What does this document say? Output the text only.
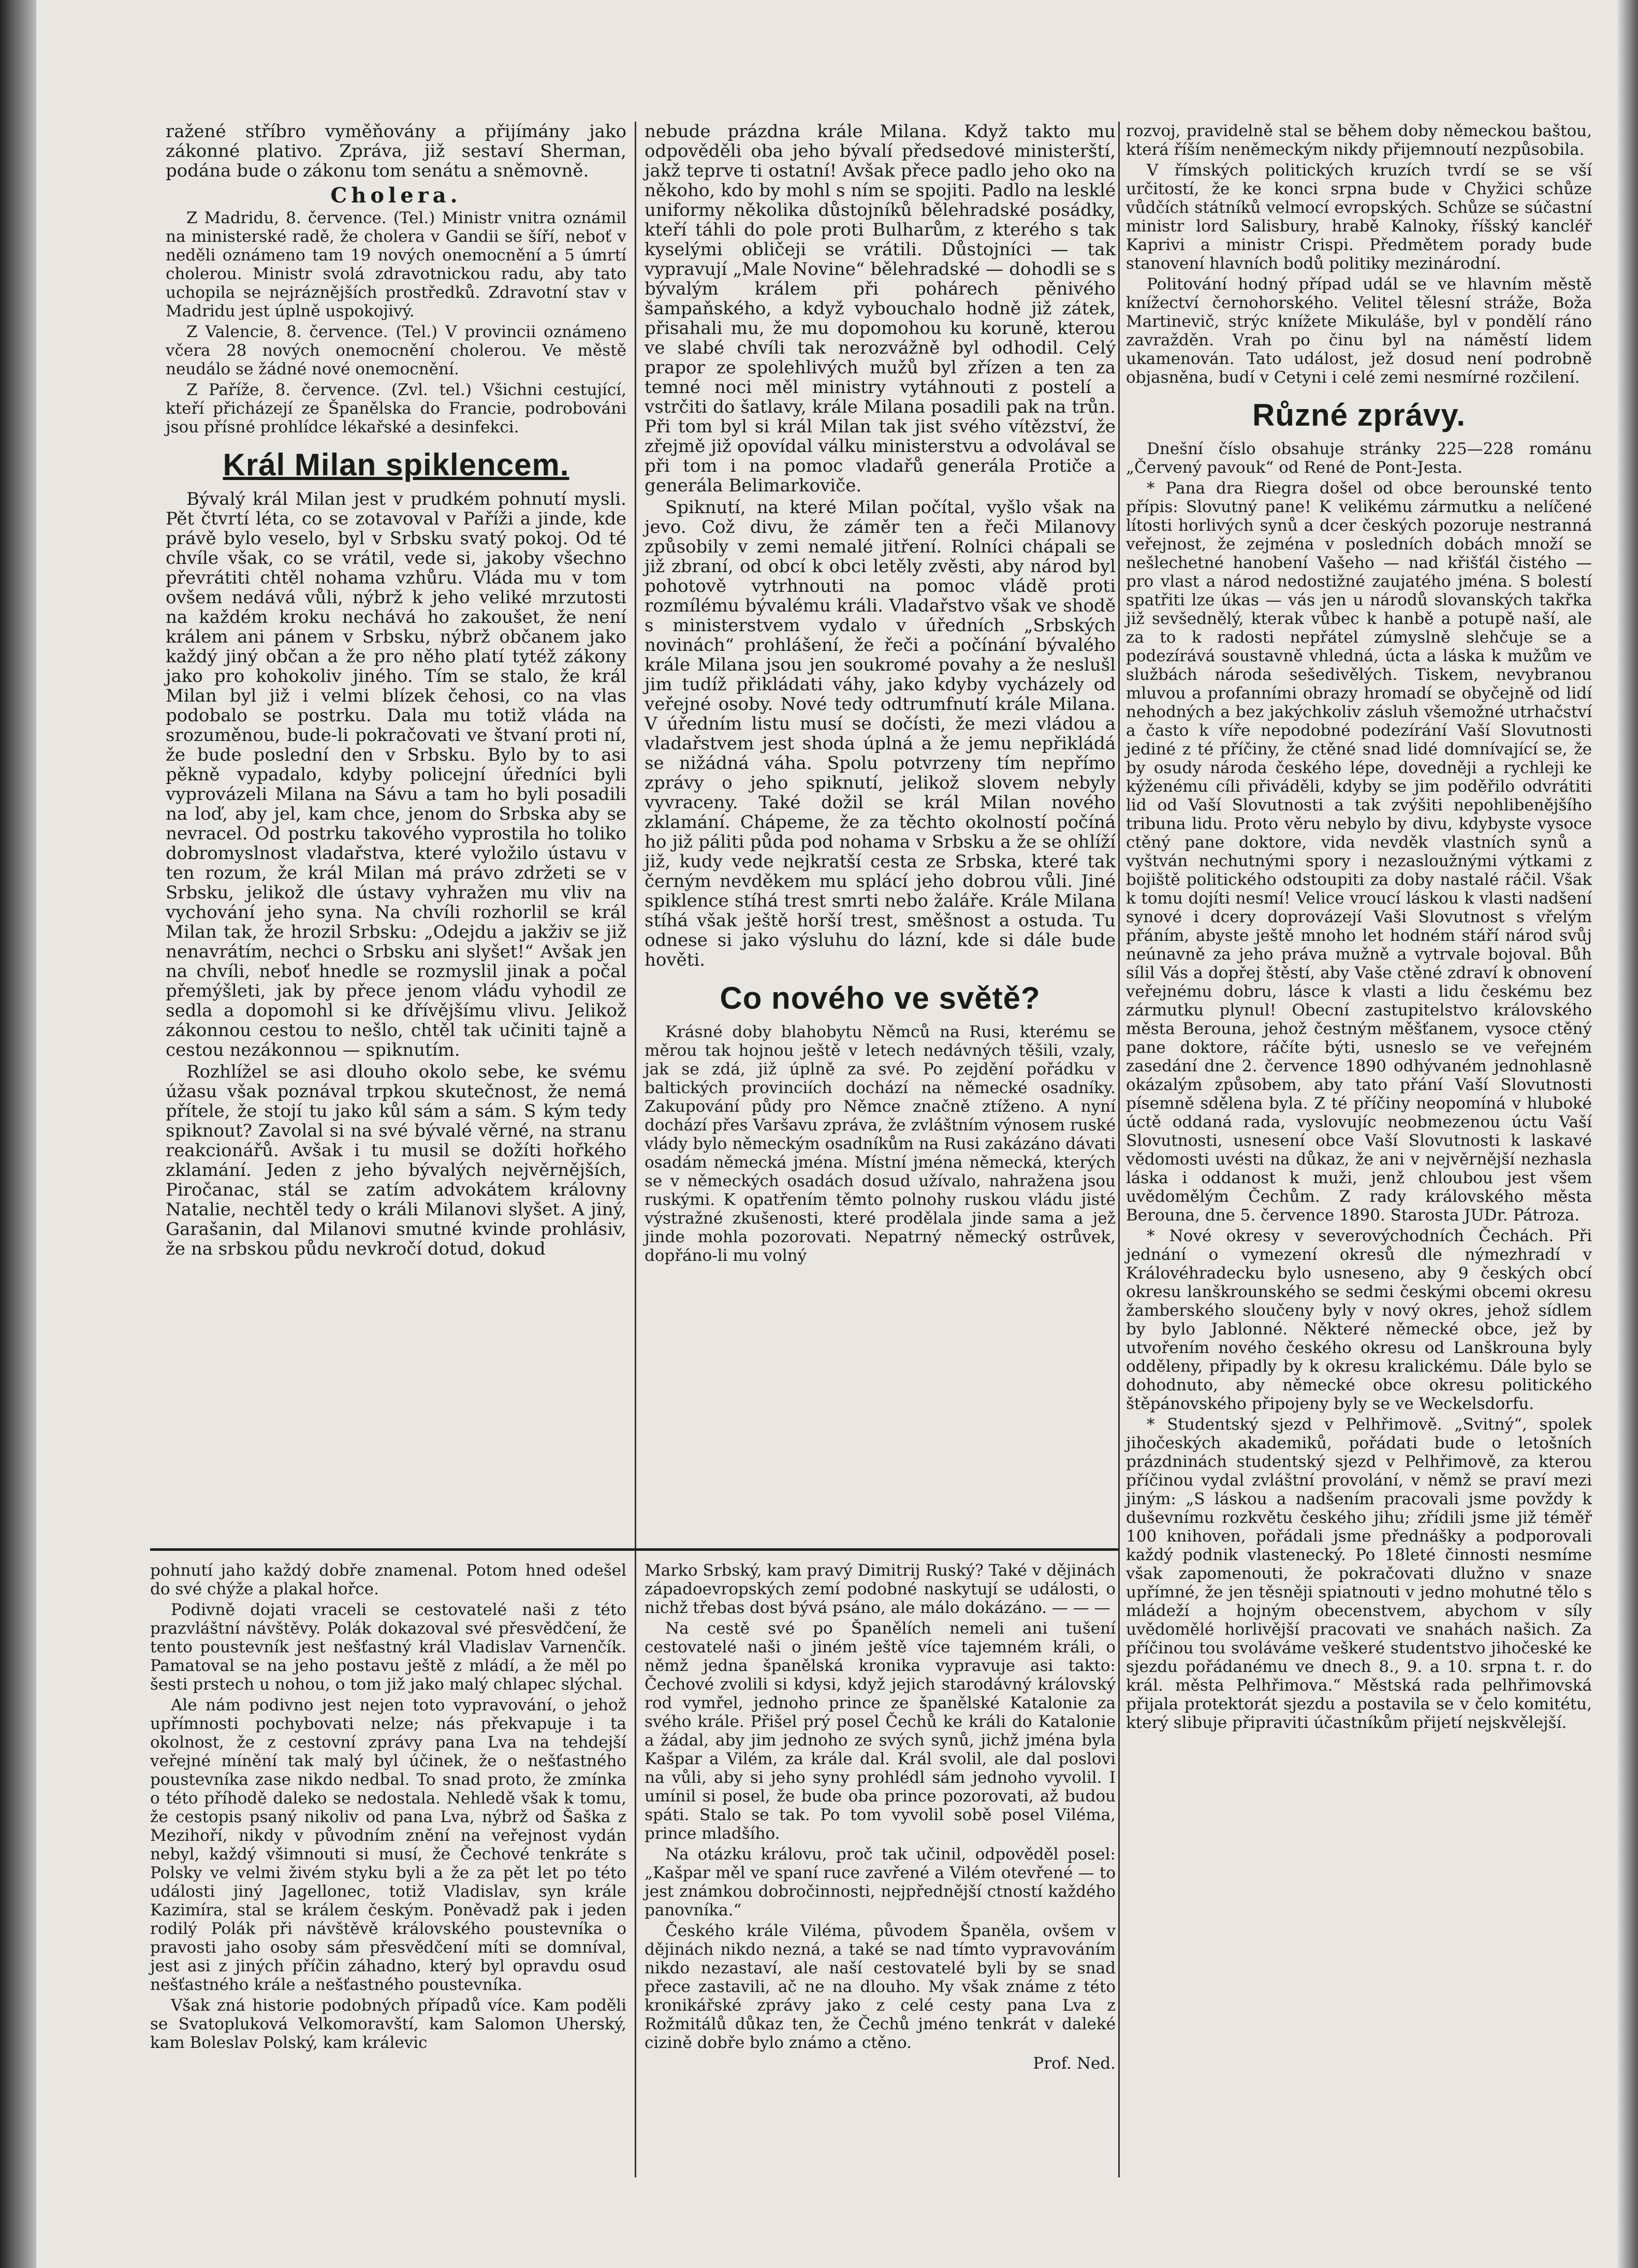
ražené stříbro vyměňovány a přijímány jako zákonné plativo. Zpráva, již sestaví Sherman, podána bude o zákonu tom senátu a sněmovně.

Cholera.

Z Madridu, 8. července. (Tel.) Ministr vnitra oznámil na ministerské radě, že cholera v Gandii se šíří, neboť v neděli oznámeno tam 19 nových onemocnění a 5 úmrtí cholerou. Ministr svolá zdravotnickou radu, aby tato uchopila se nejráznějších prostředků. Zdravotní stav v Madridu jest úplně uspokojivý.

Z Valencie, 8. července. (Tel.) V provincii oznámeno včera 28 nových onemocnění cholerou. Ve městě neudálo se žádné nové onemocnění.

Z Paříže, 8. července. (Zvl. tel.) Všichni cestující, kteří přicházejí ze Španělska do Francie, podrobováni jsou přísné prohlídce lékařské a desinfekci.

Král Milan spiklencem.

Bývalý král Milan jest v prudkém pohnutí mysli. Pět čtvrtí léta, co se zotavoval v Paříži a jinde, kde právě bylo veselo, byl v Srbsku svatý pokoj. Od té chvíle však, co se vrátil, vede si, jakoby všechno převrátiti chtěl nohama vzhůru. Vláda mu v tom ovšem nedává vůli, nýbrž k jeho veliké mrzutosti na každém kroku nechává ho zakoušet, že není králem ani pánem v Srbsku, nýbrž občanem jako každý jiný občan a že pro něho platí tytéž zákony jako pro kohokoliv jiného. Tím se stalo, že král Milan byl již i velmi blízek čehosi, co na vlas podobalo se postrku. Dala mu totiž vláda na srozuměnou, bude-li pokračovati ve štvaní proti ní, že bude poslední den v Srbsku. Bylo by to asi pěkně vypadalo, kdyby policejní úředníci byli vyprovázeli Milana na Sávu a tam ho byli posadili na loď, aby jel, kam chce, jenom do Srbska aby se nevracel. Od postrku takového vyprostila ho tolikо dobromyslnost vladařstva, které vyložilo ústavu v ten rozum, že král Milan má právo zdržeti se v Srbsku, jelikož dle ústavy vyhražen mu vliv na vychování jeho syna. Na chvíli rozhorlil se král Milan tak, že hrozil Srbsku: „Odejdu a jakživ se již nenavrátím, nechci o Srbsku ani slyšet!“ Avšak jen na chvíli, neboť hnedle se rozmyslil jinak a počal přemýšleti, jak by přece jenom vládu vyhodil ze sedla a dopomohl si ke dřívějšímu vlivu. Jelikož zákonnou cestou to nešlo, chtěl tak učiniti tajně a cestou nezákonnou — spiknutím.

Rozhlížel se asi dlouho okolo sebe, ke svému úžasu však poznával trpkou skutečnost, že nemá přítele, že stojí tu jako kůl sám a sám. S kým tedy spiknout? Zavolal si na své bývalé věrné, na stranu reakcionářů. Avšak i tu musil se dožíti hořkého zklamání. Jeden z jeho bývalých nejvěrnějších, Piročanac, stál se zatím advokátem královny Natalie, nechtěl tedy o králi Milanovi slyšet. A jiný, Garašanin, dal Milanovi smutné kvinde prohlásiv, že na srbskou půdu nevkročí dotud, dokud

nebude prázdna krále Milana. Když takto mu odpověděli oba jeho bývalí předsedové ministerští, jakž teprve ti ostatní! Avšak přece padlo jeho oko na někoho, kdo by mohl s ním se spojiti. Padlo na lesklé uniformy několika důstojníků bělehradské posádky, kteří táhli do pole proti Bulharům, z kterého s tak kyselými obličeji se vrátili. Důstojníci — tak vypravují „Male Novine“ bělehradské — dohodli se s bývalým králem při pohárech pěnivého šampaňského, a když vybouchalo hodně již zátek, přisahali mu, že mu dopomohou ku koruně, kterou ve slabé chvíli tak nerozvážně byl odhodil. Celý prapor ze spolehlivých mužů byl zřízen a ten za temné noci měl ministry vytáhnouti z postelí a vstrčiti do šatlavy, krále Milana posadili pak na trůn. Při tom byl si král Milan tak jist svého vítězství, že zřejmě již opovídal válku ministerstvu a odvolával se při tom i na pomoc vladařů generála Protiče a generála Belimarkoviče.

Spiknutí, na které Milan počítal, vyšlo však na jevo. Což divu, že záměr ten a řeči Milanovy způsobily v zemi nemalé jitření. Rolníci chápali se již zbraní, od obcí k obci letěly zvěsti, aby národ byl pohotově vytrhnouti na pomoc vládě proti rozmílému bývalému králi. Vladařstvo však ve shodě s ministerstvem vydalo v úředních „Srbských novinách“ prohlášení, že řeči a počínání bývalého krále Milana jsou jen soukromé povahy a že neslušl jim tudíž přikládati váhy, jako kdyby vycházely od veřejné osoby. Nové tedy odtrumfnutí krále Milana. V úředním listu musí se dočísti, že mezi vládou a vladařstvem jest shoda úplná a že jemu nepřikládá se nižádná váha. Spolu potvrzeny tím nepřímo zprávy o jeho spiknutí, jelikož slovem nebyly vyvraceny. Také dožil se král Milan nového zklamání. Chápeme, že za těchto okolností počíná ho již páliti půda pod nohama v Srbsku a že se ohlíží již, kudy vede nejkratší cesta ze Srbska, které tak černým nevděkem mu splácí jeho dobrou vůli. Jiné spiklence stíhá trest smrti nebo žaláře. Krále Milana stíhá však ještě horší trest, směšnost a ostuda. Tu odnese si jako výsluhu do lázní, kde si dále bude hověti.

Co nového ve světě?

Krásné doby blahobytu Němců na Rusi, kterému se měrou tak hojnou ještě v letech nedávných těšili, vzaly, jak se zdá, již úplně za své. Po zejdění pořádku v baltických provinciích dochází na německé osadníky. Zakupování půdy pro Němce značně ztíženo. A nyní dochází přes Varšavu zpráva, že zvláštním výnosem ruské vlády bylo německým osadníkům na Rusi zakázáno dávati osadám německá jména. Místní jména německá, kterých se v německých osadách dosud užívalo, nahražena jsou ruskými. K opatřením těmto polnohy ruskou vládu jisté výstražné zkušenosti, které prodělala jinde sama a jež jinde mohla pozorovati. Nepatrný německý ostrůvek, dopřáno-li mu volný

rozvoj, pravidelně stal se během doby německou baštou, která říším neněmeckým nikdy přijemnoutí nezpůsobila.

V římských politických kruzích tvrdí se se vší určitostí, že ke konci srpna bude v Chyžici schůze vůdčích státníků velmocí evropských. Schůze se súčastní ministr lord Salisbury, hrabě Kalnoky, říšský kancléř Kaprivi a ministr Crispi. Předmětem porady bude stanovení hlavních bodů politiky mezinárodní.

Politování hodný případ udál se ve hlavním městě knížectví černohorského. Velitel tělesní stráže, Boža Martinevič, strýc knížete Mikuláše, byl v pondělí ráno zavražděn. Vrah po činu byl na náměstí lidem ukamenován. Tato událost, jež dosud není podrobně objasněna, budí v Cetyni i celé zemi nesmírné rozčilení.

Různé zprávy.

Dnešní číslo obsahuje stránky 225—228 románu „Červený pavouk“ od René de Pont-Jesta.

* Pana dra Riegra došel od obce berounské tento přípis: Slovutný pane! K velikému zármutku a nelíčené lítosti horlivých synů a dcer českých pozoruje nestranná veřejnost, že zejména v posledních dobách množí se nešlechetné hanobení Vašeho — nad křišťál čistého — pro vlast a národ nedostižné zaujatého jména. S bolestí spatřiti lze úkas — vás jen u národů slovanských takřka již sevšednělý, kterak vůbec k hanbě a potupě naší, ale za to k radosti nepřátel zúmyslně slehčuje se a podezírává soustavně vhledná, úcta a láska k mužům ve službách národa sešedivělých. Tiskem, nevybranou mluvou a profanními obrazy hromadí se obyčejně od lidí nehodných a bez jakýchkoliv zásluh všemožné utrhačství a často k víře nepodobné podezírání Vaší Slovutnosti jediné z té příčiny, že ctěné snad lidé domnívající se, že by osudy národa českého lépe, dovedněji a rychleji ke kýženému cíli přiváděli, kdyby se jim poděřilo odvrátiti lid od Vaší Slovutnosti a tak zvýšiti nepohlibenějšího tribuna lidu. Proto věru nebylo by divu, kdybyste vysoce ctěný pane doktore, vida nevděk vlastních synů a vyštván nechutnými spory i nezasloužnými výtkami z bojiště politického odstoupiti za doby nastalé ráčil. Však k tomu dojíti nesmí! Velice vroucí láskou k vlasti nadšení synové i dcery doprovázejí Vaši Slovutnost s vřelým přáním, abyste ještě mnoho let hodném stáří národ svůj neúnavně za jeho práva mužně a vytrvale bojoval. Bůh sílil Vás a dopřej štěstí, aby Vaše ctěné zdraví k obnovení veřejnému dobru, lásce k vlasti a lidu českému bez zármutku plynul! Obecní zastupitelstvo královského města Berouna, jehož čestným měšťanem, vysoce ctěný pane doktore, ráčíte býti, usneslo se ve veřejném zasedání dne 2. července 1890 odhývaném jednohlasně okázalým způsobem, aby tato přání Vaší Slovutnosti písemně sdělena byla. Z té příčiny neopomíná v hluboké úctě oddaná rada, vyslovujíc neobmezenou úctu Vaší Slovutnosti, usnesení obce Vaší Slovutnosti k laskavé vědomosti uvésti na důkaz, že ani v nejvěrnější nezhasla láska i oddanost k muži, jenž chloubou jest všem uvědomělým Čechům. Z rady královského města Berouna, dne 5. července 1890. Starosta JUDr. Pátroza.

* Nové okresy v severovýchodních Čechách. Při jednání o vymezení okresů dle nýmezhradí v Královéhradecku bylo usneseno, aby 9 českých obcí okresu lanškrounského se sedmi českými obcemi okresu žamberského sloučeny byly v nový okres, jehož sídlem by bylo Jablonné. Některé německé obce, jež by utvořením nového českého okresu od Lanškrouna byly odděleny, připadly by k okresu kralickému. Dále bylo se dohodnuto, aby německé obce okresu politického štěpánovského připojeny byly se ve Weckelsdorfu.

* Studentský sjezd v Pelhřimově. „Svitný“, spolek jihočeských akademiků, pořádati bude o letošních prázdninách studentský sjezd v Pelhřimově, za kterou příčinou vydal zvláštní provolání, v němž se praví mezi jiným: „S láskou a nadšením pracovali jsme povždy k duševnímu rozkvětu českého jihu; zřídili jsme již téměř 100 knihoven, pořádali jsme přednášky a podporovali každý podnik vlastenecký. Po 18leté činnosti nesmíme však zapomenouti, že pokračovati dlužno v snaze upřímné, že jen těsněji spiatnouti v jedno mohutné tělo s mládeží a hojným obecenstvem, abychom v síly uvědomělé horlivější pracovati ve snahách našich. Za příčinou tou svoláváme veškeré studentstvo jihočeské ke sjezdu pořádanému ve dnech 8., 9. a 10. srpna t. r. do král. města Pelhřimova.“ Městská rada pelhřimovská přijala protektorát sjezdu a postavila se v čelo komitétu, který slibuje připraviti účastníkům přijetí nejskvělejší.

pohnutí jaho každý dobře znamenal. Potom hned odešel do své chýže a plakal hořce.

Podivně dojati vraceli se cestovatelé naši z této prazvláštní návštěvy. Polák dokazoval své přesvědčení, že tento poustevník jest nešťastný král Vladislav Varnenčík. Pamatoval se na jeho postavu ještě z mládí, a že měl po šesti prstech u nohou, o tom již jako malý chlapec slýchal.

Ale nám podivno jest nejen toto vypravování, o jehož upřímnosti pochybovati nelze; nás překvapuje i ta okolnost, že z cestovní zprávy pana Lva na tehdejší veřejné mínění tak malý byl účinek, že o nešťastného poustevníka zase nikdo nedbal. To snad proto, že zmínka o této příhodě daleko se nedostala. Nehledě však k tomu, že cestopis psaný nikoliv od pana Lva, nýbrž od Šaška z Mezihoří, nikdy v původním znění na veřejnost vydán nebyl, každý všimnouti si musí, že Čechové tenkráte s Polsky ve velmi živém styku byli a že za pět let po této události jiný Jagellonec, totiž Vladislav, syn krále Kazimíra, stal se králem českým. Poněvadž pak i jeden rodilý Polák při návštěvě královského poustevníka o pravosti jaho osoby sám přesvědčení míti se domníval, jest asi z jiných příčin záhadno, který byl opravdu osud nešťastného krále a nešťastného poustevníka.

Však zná historie podobných případů více. Kam poděli se Svatopluková Velkomoravští, kam Salomon Uherský, kam Boleslav Polský, kam králevic

Marko Srbský, kam pravý Dimitrij Ruský? Také v dějinách západoevropských zemí podobné naskytují se události, o nichž třebas dost bývá psáno, ale málo dokázáno. — — —

Na cestě své po Španělích nemeli ani tušení cestovatelé naši o jiném ještě více tajemném králi, o němž jedna španělská kronika vypravuje asi takto: Čechové zvolili si kdysi, když jejich starodávný královský rod vymřel, jednoho prince ze španělské Katalonie za svého krále. Přišel prý posel Čechů ke králi do Katalonie a žádal, aby jim jednoho ze svých synů, jichž jména byla Kašpar a Vilém, za krále dal. Král svolil, ale dal poslovi na vůli, aby si jeho syny prohlédl sám jednoho vyvolil. I umínil si posel, že bude oba prince pozorovati, až budou spáti. Stalo se tak. Po tom vyvolil sobě posel Viléma, prince mladšího.

Na otázku královu, proč tak učinil, odpověděl posel: „Kašpar měl ve spaní ruce zavřené a Vilém otevřené — to jest známkou dobročinnosti, nejpřednější ctností každého panovníka.“

Českého krále Viléma, původem Španěla, ovšem v dějinách nikdo nezná, a také se nad tímto vypravováním nikdo nezastaví, ale naší cestovatelé byli by se snad přece zastavili, ač ne na dlouho. My však známe z této kronikářské zprávy jako z celé cesty pana Lva z Rožmitálů důkaz ten, že Čechů jméno tenkrát v daleké cizině dobře bylo známo a ctěno.

Prof. Ned.
